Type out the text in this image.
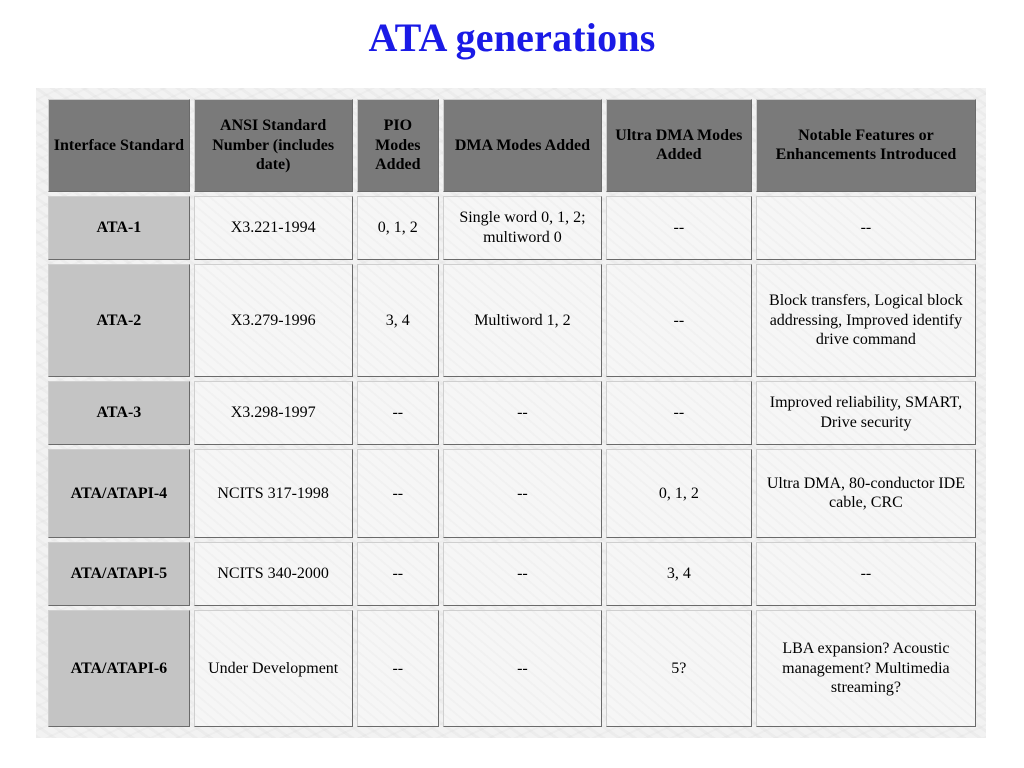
ATA generations
Interface Standard	ANSI Standard Number (includes date)	PIO Modes Added	DMA Modes Added	Ultra DMA Modes Added	Notable Features or Enhancements Introduced
ATA-1	X3.221-1994	0, 1, 2	Single word 0, 1, 2; multiword 0	--	--
ATA-2	X3.279-1996	3, 4	Multiword 1, 2	--	Block transfers, Logical block addressing, Improved identify drive command
ATA-3	X3.298-1997	--	--	--	Improved reliability, SMART, Drive security
ATA/ATAPI-4	NCITS 317-1998	--	--	0, 1, 2	Ultra DMA, 80-conductor IDE cable, CRC
ATA/ATAPI-5	NCITS 340-2000	--	--	3, 4	--
ATA/ATAPI-6	Under Development	--	--	5?	LBA expansion? Acoustic management? Multimedia streaming?
